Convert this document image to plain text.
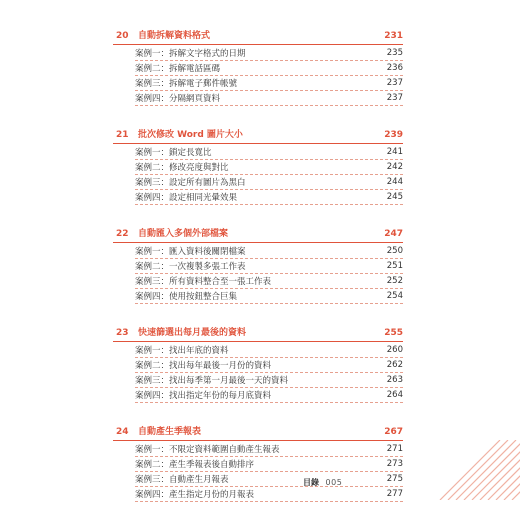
20	自動拆解資料格式	231
案例一：拆解文字格式的日期	235
案例二：拆解電話區碼	236
案例三：拆解電子郵件帳號	237
案例四：分隔網頁資料	237
21	批次修改 Word 圖片大小	239
案例一：鎖定長寬比	241
案例二：修改亮度與對比	242
案例三：設定所有圖片為黑白	244
案例四：設定相同光暈效果	245
22	自動匯入多個外部檔案	247
案例一：匯入資料後關閉檔案	250
案例二：一次複製多張工作表	251
案例三：所有資料整合至一張工作表	252
案例四：使用按鈕整合巨集	254
23	快速篩選出每月最後的資料	255
案例一：找出年底的資料	260
案例二：找出每年最後一月份的資料	262
案例三：找出每季第一月最後一天的資料	263
案例四：找出指定年份的每月底資料	264
24	自動產生季報表	267
案例一：不限定資料範圍自動產生報表	271
案例二：產生季報表後自動排序	273
案例三：自動產生月報表	275
案例四：產生指定月份的月報表	277
目錄 005
